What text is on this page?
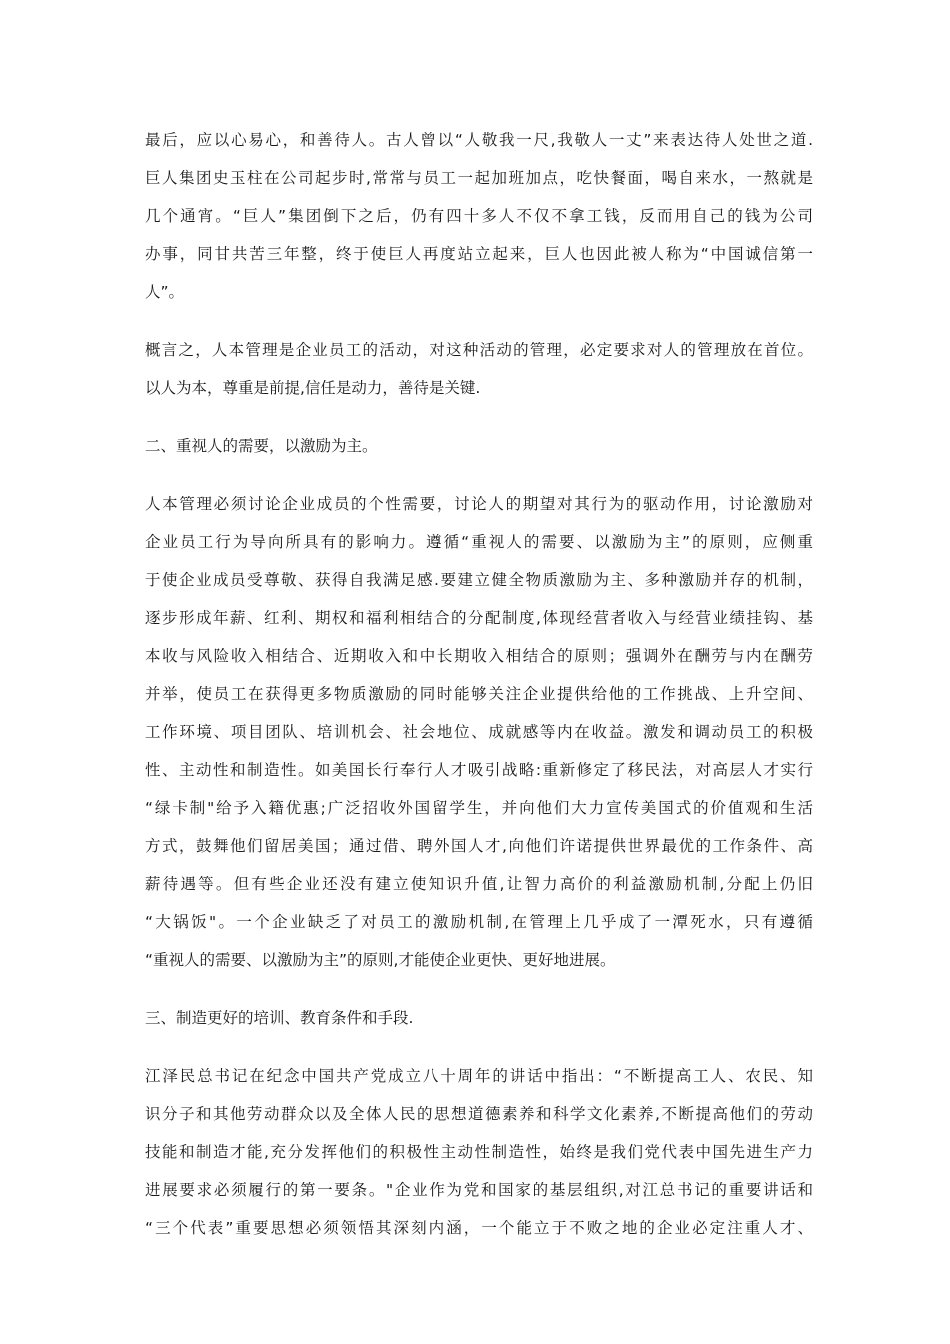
最后，应以心易心，和善待人。古人曾以“人敬我一尺,我敬人一丈”来表达待人处世之道.
巨人集团史玉柱在公司起步时,常常与员工一起加班加点，吃快餐面，喝自来水，一熬就是
几个通宵。“巨人”集团倒下之后，仍有四十多人不仅不拿工钱，反而用自己的钱为公司
办事，同甘共苦三年整，终于使巨人再度站立起来，巨人也因此被人称为“中国诚信第一
人”。

概言之，人本管理是企业员工的活动，对这种活动的管理，必定要求对人的管理放在首位。
以人为本，尊重是前提,信任是动力，善待是关键.

二、重视人的需要，以激励为主。

人本管理必须讨论企业成员的个性需要，讨论人的期望对其行为的驱动作用，讨论激励对
企业员工行为导向所具有的影响力。遵循“重视人的需要、以激励为主”的原则，应侧重
于使企业成员受尊敬、获得自我满足感.要建立健全物质激励为主、多种激励并存的机制，
逐步形成年薪、红利、期权和福利相结合的分配制度,体现经营者收入与经营业绩挂钩、基
本收与风险收入相结合、近期收入和中长期收入相结合的原则；强调外在酬劳与内在酬劳
并举，使员工在获得更多物质激励的同时能够关注企业提供给他的工作挑战、上升空间、
工作环境、项目团队、培训机会、社会地位、成就感等内在收益。激发和调动员工的积极
性、主动性和制造性。如美国长行奉行人才吸引战略:重新修定了移民法，对高层人才实行
“绿卡制"给予入籍优惠;广泛招收外国留学生，并向他们大力宣传美国式的价值观和生活
方式，鼓舞他们留居美国；通过借、聘外国人才,向他们许诺提供世界最优的工作条件、高
薪待遇等。但有些企业还没有建立使知识升值,让智力高价的利益激励机制,分配上仍旧
“大锅饭"。一个企业缺乏了对员工的激励机制,在管理上几乎成了一潭死水，只有遵循
“重视人的需要、以激励为主”的原则,才能使企业更快、更好地进展。

三、制造更好的培训、教育条件和手段.

江泽民总书记在纪念中国共产党成立八十周年的讲话中指出：“不断提高工人、农民、知
识分子和其他劳动群众以及全体人民的思想道德素养和科学文化素养,不断提高他们的劳动
技能和制造才能,充分发挥他们的积极性主动性制造性，始终是我们党代表中国先进生产力
进展要求必须履行的第一要条。"企业作为党和国家的基层组织,对江总书记的重要讲话和
“三个代表”重要思想必须领悟其深刻内涵，一个能立于不败之地的企业必定注重人才、
